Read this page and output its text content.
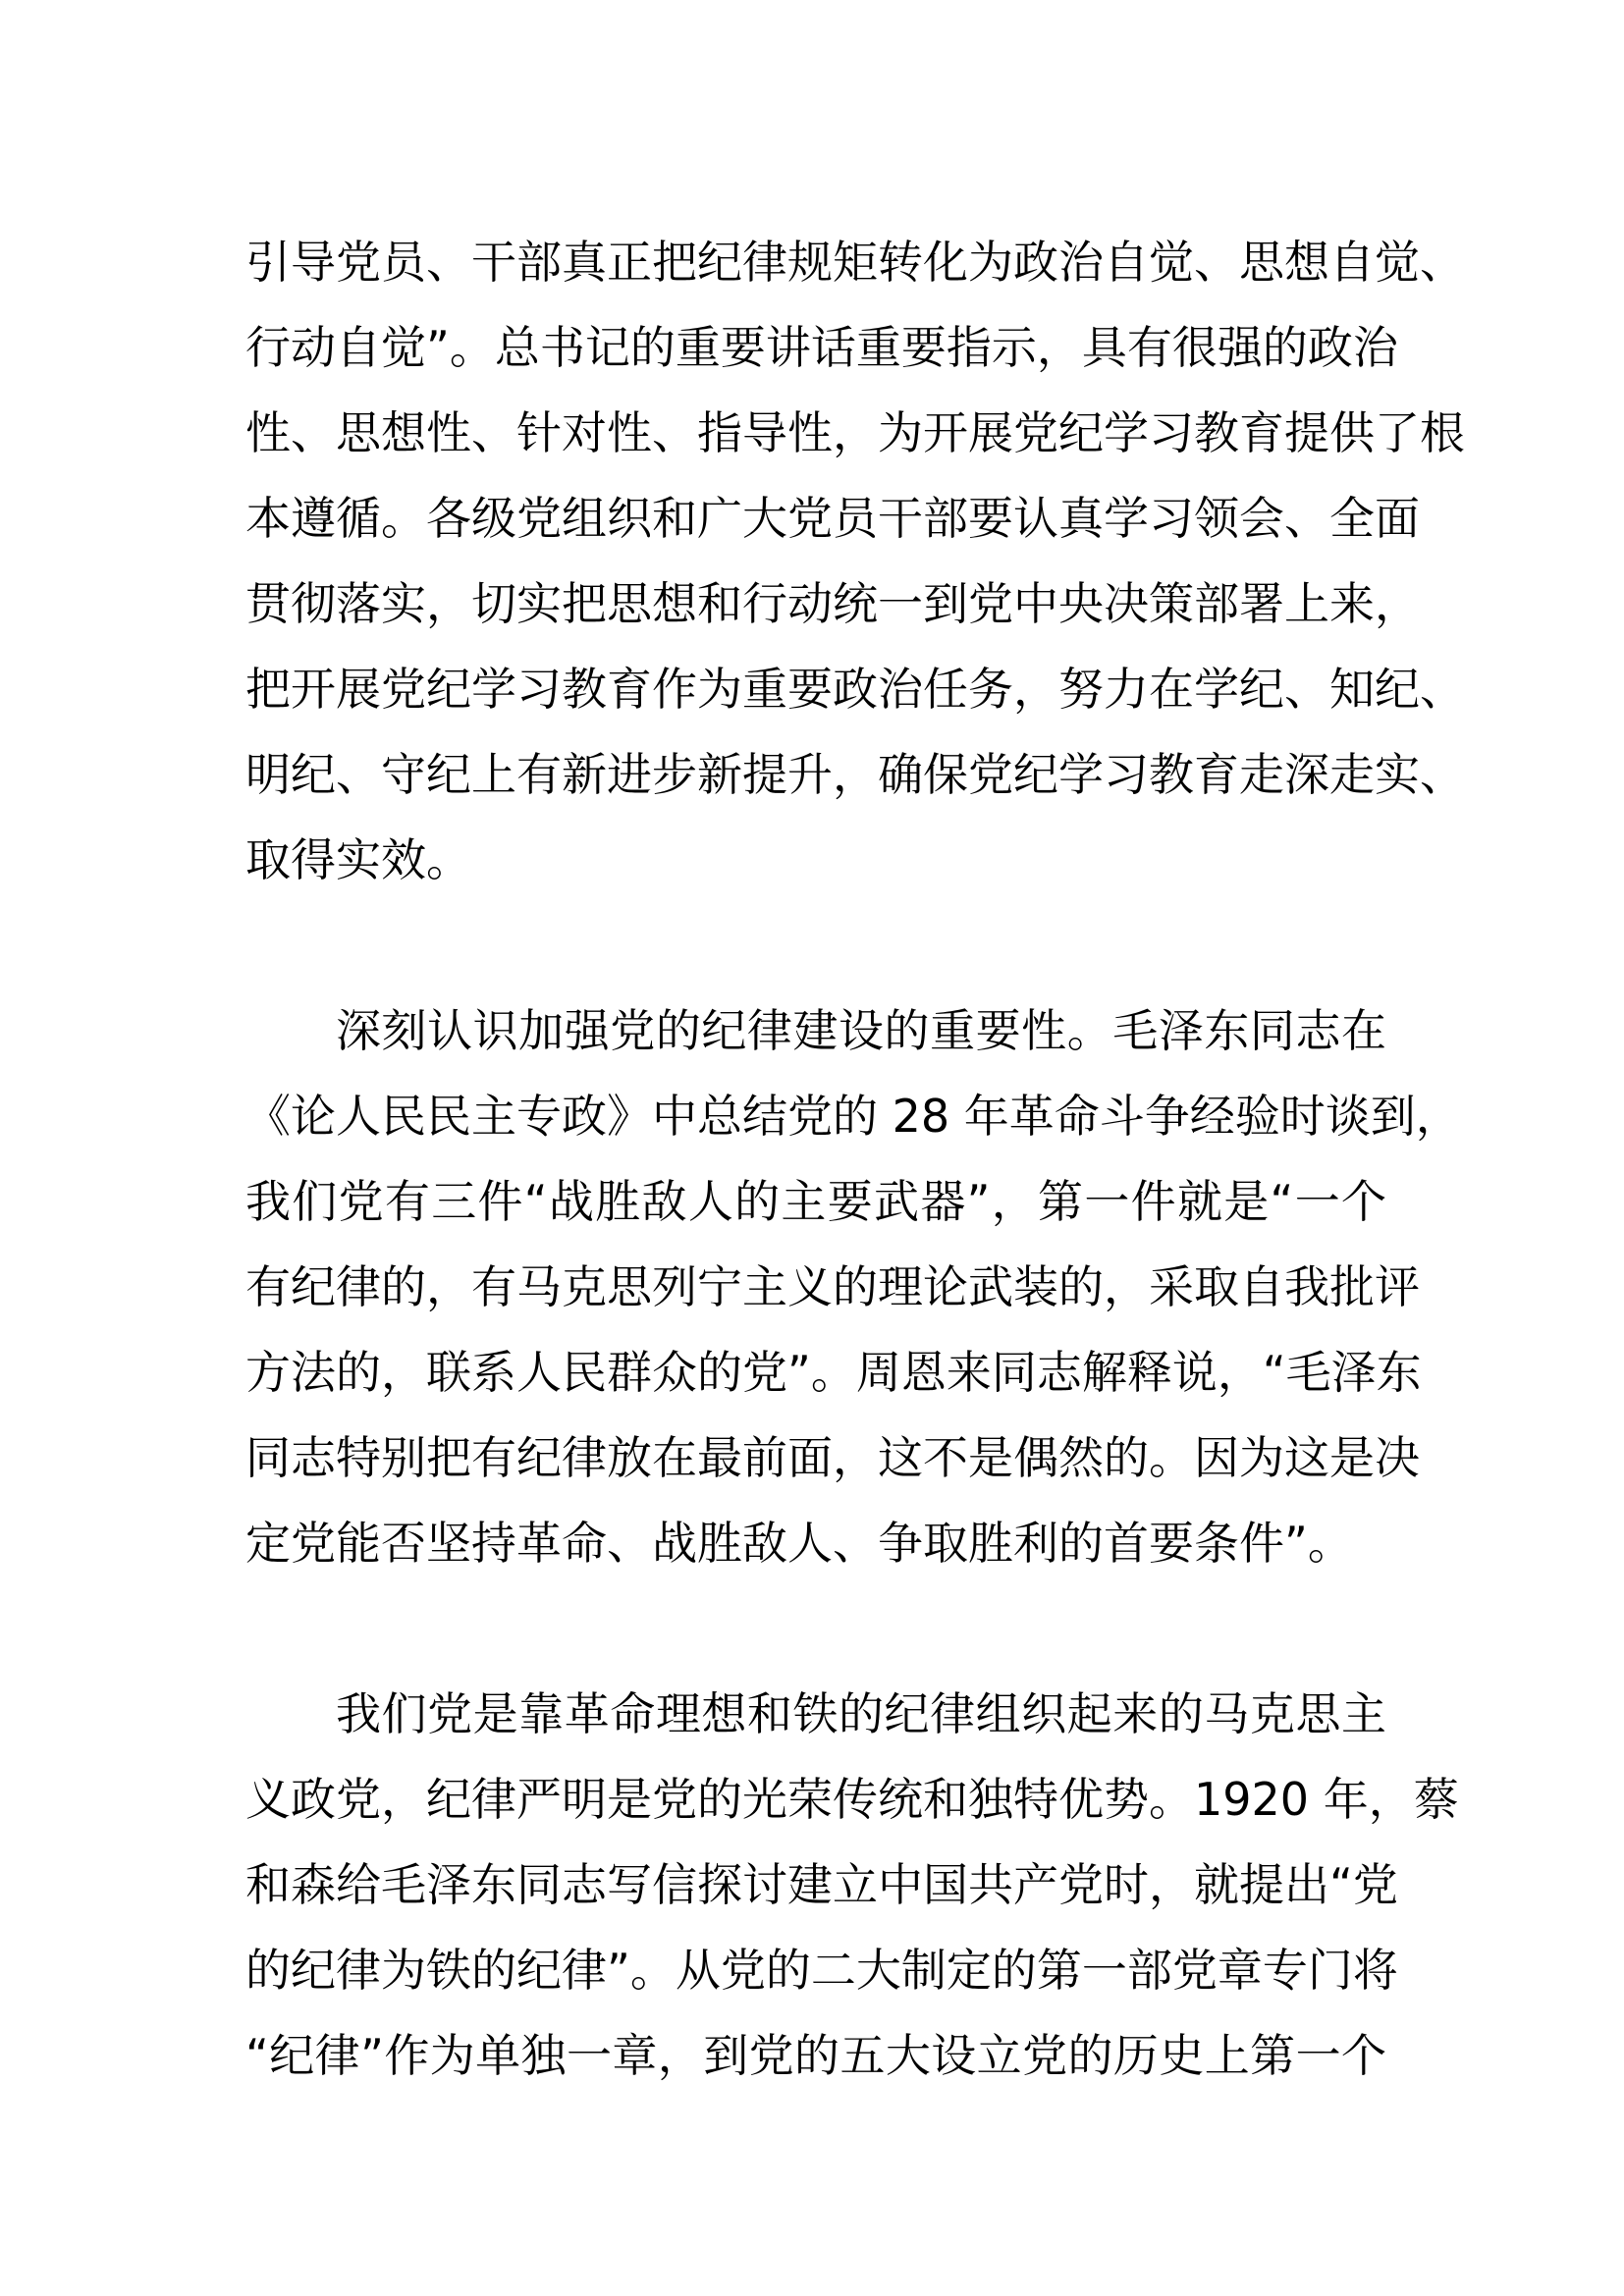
引导党员、干部真正把纪律规矩转化为政治自觉、思想自觉、
行动自觉”。总书记的重要讲话重要指示，具有很强的政治
性、思想性、针对性、指导性，为开展党纪学习教育提供了根
本遵循。各级党组织和广大党员干部要认真学习领会、全面
贯彻落实，切实把思想和行动统一到党中央决策部署上来，
把开展党纪学习教育作为重要政治任务，努力在学纪、知纪、
明纪、守纪上有新进步新提升，确保党纪学习教育走深走实、
取得实效。
深刻认识加强党的纪律建设的重要性。毛泽东同志在
《论人民民主专政》中总结党的 28 年革命斗争经验时谈到，
我们党有三件“战胜敌人的主要武器”，第一件就是“一个
有纪律的，有马克思列宁主义的理论武装的，采取自我批评
方法的，联系人民群众的党”。周恩来同志解释说，“毛泽东
同志特别把有纪律放在最前面，这不是偶然的。因为这是决
定党能否坚持革命、战胜敌人、争取胜利的首要条件”。
我们党是靠革命理想和铁的纪律组织起来的马克思主
义政党，纪律严明是党的光荣传统和独特优势。1920 年，蔡
和森给毛泽东同志写信探讨建立中国共产党时，就提出“党
的纪律为铁的纪律”。从党的二大制定的第一部党章专门将
“纪律”作为单独一章，到党的五大设立党的历史上第一个
